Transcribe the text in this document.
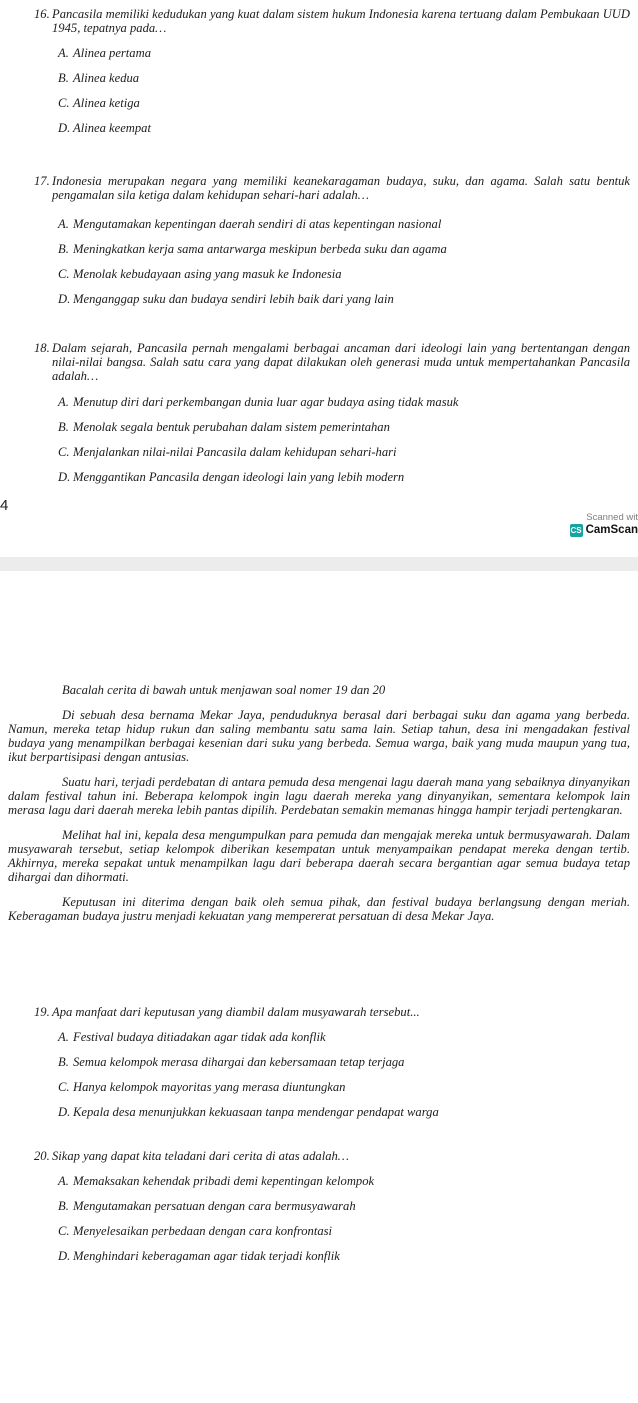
16. Pancasila memiliki kedudukan yang kuat dalam sistem hukum Indonesia karena tertuang dalam Pembukaan UUD 1945, tepatnya pada…
A. Alinea pertama
B. Alinea kedua
C. Alinea ketiga
D. Alinea keempat
17. Indonesia merupakan negara yang memiliki keanekaragaman budaya, suku, dan agama. Salah satu bentuk pengamalan sila ketiga dalam kehidupan sehari-hari adalah…
A. Mengutamakan kepentingan daerah sendiri di atas kepentingan nasional
B. Meningkatkan kerja sama antarwarga meskipun berbeda suku dan agama
C. Menolak kebudayaan asing yang masuk ke Indonesia
D. Menganggap suku dan budaya sendiri lebih baik dari yang lain
18. Dalam sejarah, Pancasila pernah mengalami berbagai ancaman dari ideologi lain yang bertentangan dengan nilai-nilai bangsa. Salah satu cara yang dapat dilakukan oleh generasi muda untuk mempertahankan Pancasila adalah…
A. Menutup diri dari perkembangan dunia luar agar budaya asing tidak masuk
B. Menolak segala bentuk perubahan dalam sistem pemerintahan
C. Menjalankan nilai-nilai Pancasila dalam kehidupan sehari-hari
D. Menggantikan Pancasila dengan ideologi lain yang lebih modern
4
Scanned wit
CS CamScan
Bacalah cerita di bawah untuk menjawan soal nomer 19 dan 20

Di sebuah desa bernama Mekar Jaya, penduduknya berasal dari berbagai suku dan agama yang berbeda. Namun, mereka tetap hidup rukun dan saling membantu satu sama lain. Setiap tahun, desa ini mengadakan festival budaya yang menampilkan berbagai kesenian dari suku yang berbeda. Semua warga, baik yang muda maupun yang tua, ikut berpartisipasi dengan antusias.

Suatu hari, terjadi perdebatan di antara pemuda desa mengenai lagu daerah mana yang sebaiknya dinyanyikan dalam festival tahun ini. Beberapa kelompok ingin lagu daerah mereka yang dinyanyikan, sementara kelompok lain merasa lagu dari daerah mereka lebih pantas dipilih. Perdebatan semakin memanas hingga hampir terjadi pertengkaran.

Melihat hal ini, kepala desa mengumpulkan para pemuda dan mengajak mereka untuk bermusyawarah. Dalam musyawarah tersebut, setiap kelompok diberikan kesempatan untuk menyampaikan pendapat mereka dengan tertib. Akhirnya, mereka sepakat untuk menampilkan lagu dari beberapa daerah secara bergantian agar semua budaya tetap dihargai dan dihormati.

Keputusan ini diterima dengan baik oleh semua pihak, dan festival budaya berlangsung dengan meriah. Keberagaman budaya justru menjadi kekuatan yang mempererat persatuan di desa Mekar Jaya.

19. Apa manfaat dari keputusan yang diambil dalam musyawarah tersebut...
A. Festival budaya ditiadakan agar tidak ada konflik
B. Semua kelompok merasa dihargai dan kebersamaan tetap terjaga
C. Hanya kelompok mayoritas yang merasa diuntungkan
D. Kepala desa menunjukkan kekuasaan tanpa mendengar pendapat warga
20. Sikap yang dapat kita teladani dari cerita di atas adalah…
A. Memaksakan kehendak pribadi demi kepentingan kelompok
B. Mengutamakan persatuan dengan cara bermusyawarah
C. Menyelesaikan perbedaan dengan cara konfrontasi
D. Menghindari keberagaman agar tidak terjadi konflik
